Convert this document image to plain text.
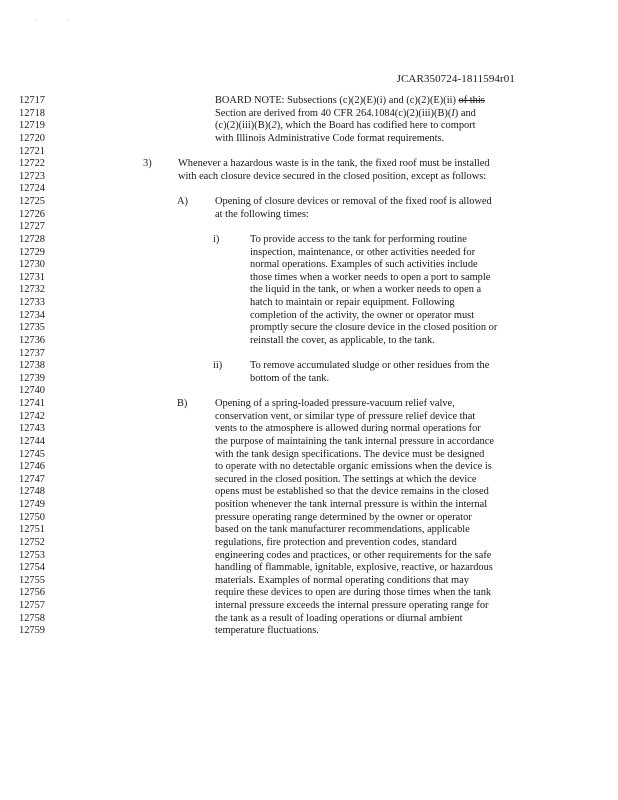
'	'
JCAR350724-1811594r01
12717	BOARD NOTE: Subsections (c)(2)(E)(i) and (c)(2)(E)(ii) of this
12718	Section are derived from 40 CFR 264.1084(c)(2)(iii)(B)(I) and
12719	(c)(2)(iii)(B)(2), which the Board has codified here to comport
12720	with Illinois Administrative Code format requirements.
12721
12722	3)	Whenever a hazardous waste is in the tank, the fixed roof must be installed
12723	with each closure device secured in the closed position, except as follows:
12724
12725	A)	Opening of closure devices or removal of the fixed roof is allowed
12726	at the following times:
12727
12728	i)	To provide access to the tank for performing routine
12729	inspection, maintenance, or other activities needed for
12730	normal operations. Examples of such activities include
12731	those times when a worker needs to open a port to sample
12732	the liquid in the tank, or when a worker needs to open a
12733	hatch to maintain or repair equipment. Following
12734	completion of the activity, the owner or operator must
12735	promptly secure the closure device in the closed position or
12736	reinstall the cover, as applicable, to the tank.
12737
12738	ii)	To remove accumulated sludge or other residues from the
12739	bottom of the tank.
12740
12741	B)	Opening of a spring-loaded pressure-vacuum relief valve,
12742	conservation vent, or similar type of pressure relief device that
12743	vents to the atmosphere is allowed during normal operations for
12744	the purpose of maintaining the tank internal pressure in accordance
12745	with the tank design specifications. The device must be designed
12746	to operate with no detectable organic emissions when the device is
12747	secured in the closed position. The settings at which the device
12748	opens must be established so that the device remains in the closed
12749	position whenever the tank internal pressure is within the internal
12750	pressure operating range determined by the owner or operator
12751	based on the tank manufacturer recommendations, applicable
12752	regulations, fire protection and prevention codes, standard
12753	engineering codes and practices, or other requirements for the safe
12754	handling of flammable, ignitable, explosive, reactive, or hazardous
12755	materials. Examples of normal operating conditions that may
12756	require these devices to open are during those times when the tank
12757	internal pressure exceeds the internal pressure operating range for
12758	the tank as a result of loading operations or diurnal ambient
12759	temperature fluctuations.
